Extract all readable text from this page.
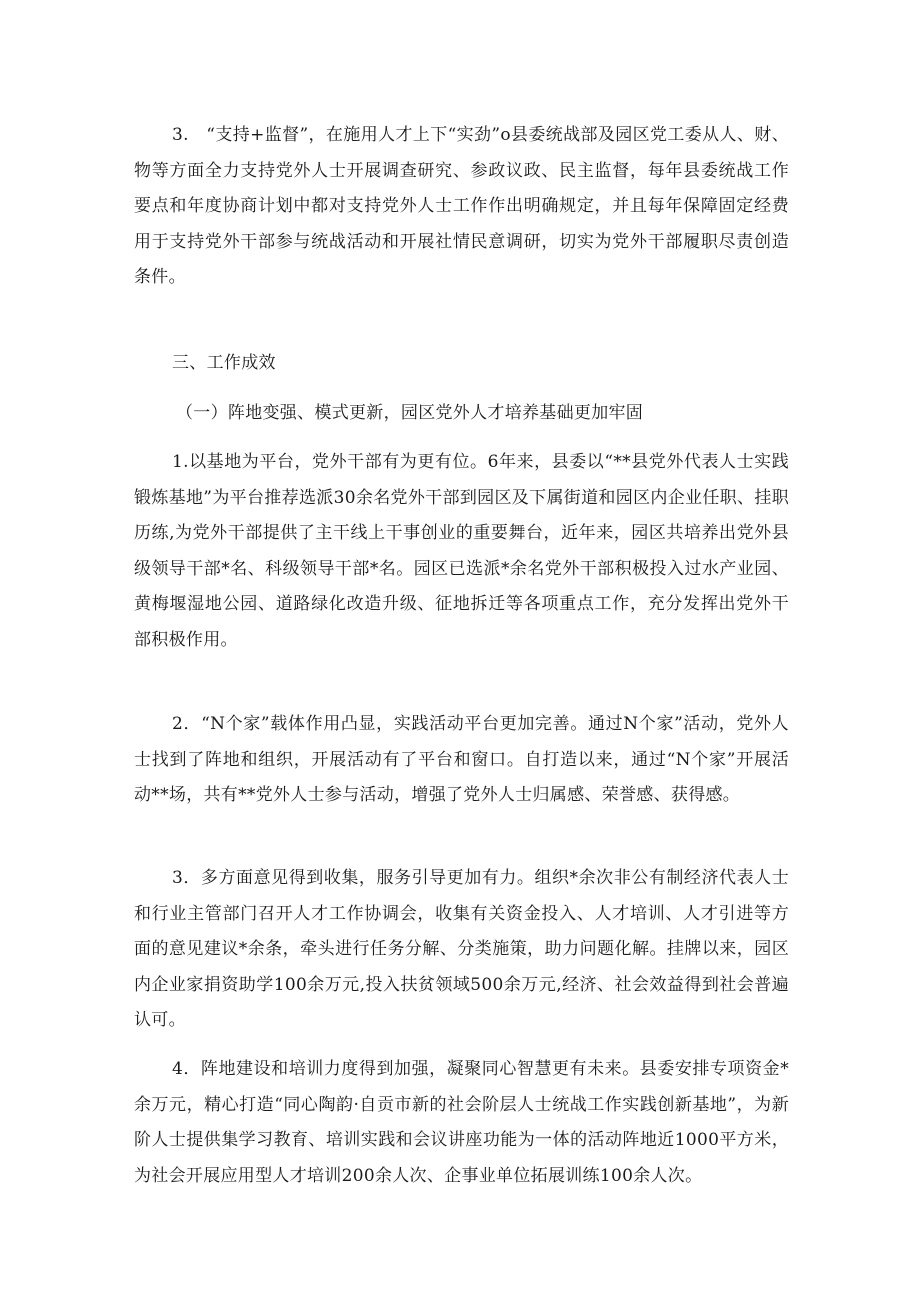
3.　“支持+监督”，在施用人才上下“实劲”o县委统战部及园区党工委从人、财、物等方面全力支持党外人士开展调查研究、参政议政、民主监督，每年县委统战工作要点和年度协商计划中都对支持党外人士工作作出明确规定，并且每年保障固定经费用于支持党外干部参与统战活动和开展社情民意调研，切实为党外干部履职尽责创造条件。

三、工作成效
（一）阵地变强、模式更新，园区党外人才培养基础更加牢固

1.以基地为平台，党外干部有为更有位。6年来，县委以“**县党外代表人士实践锻炼基地”为平台推荐选派30余名党外干部到园区及下属街道和园区内企业任职、挂职历练,为党外干部提供了主干线上干事创业的重要舞台，近年来，园区共培养出党外县级领导干部*名、科级领导干部*名。园区已选派*余名党外干部积极投入过水产业园、黄梅堰湿地公园、道路绿化改造升级、征地拆迁等各项重点工作，充分发挥出党外干部积极作用。

2．“N个家”载体作用凸显，实践活动平台更加完善。通过N个家”活动，党外人士找到了阵地和组织，开展活动有了平台和窗口。自打造以来，通过“N个家”开展活动**场，共有**党外人士参与活动，增强了党外人士归属感、荣誉感、获得感。

3．多方面意见得到收集，服务引导更加有力。组织*余次非公有制经济代表人士和行业主管部门召开人才工作协调会，收集有关资金投入、人才培训、人才引进等方面的意见建议*余条，牵头进行任务分解、分类施策，助力问题化解。挂牌以来，园区内企业家捐资助学100余万元,投入扶贫领域500余万元,经济、社会效益得到社会普遍认可。

4．阵地建设和培训力度得到加强，凝聚同心智慧更有未来。县委安排专项资金*余万元，精心打造“同心陶韵·自贡市新的社会阶层人士统战工作实践创新基地”，为新阶人士提供集学习教育、培训实践和会议讲座功能为一体的活动阵地近1000平方米，为社会开展应用型人才培训200余人次、企事业单位拓展训练100余人次。
